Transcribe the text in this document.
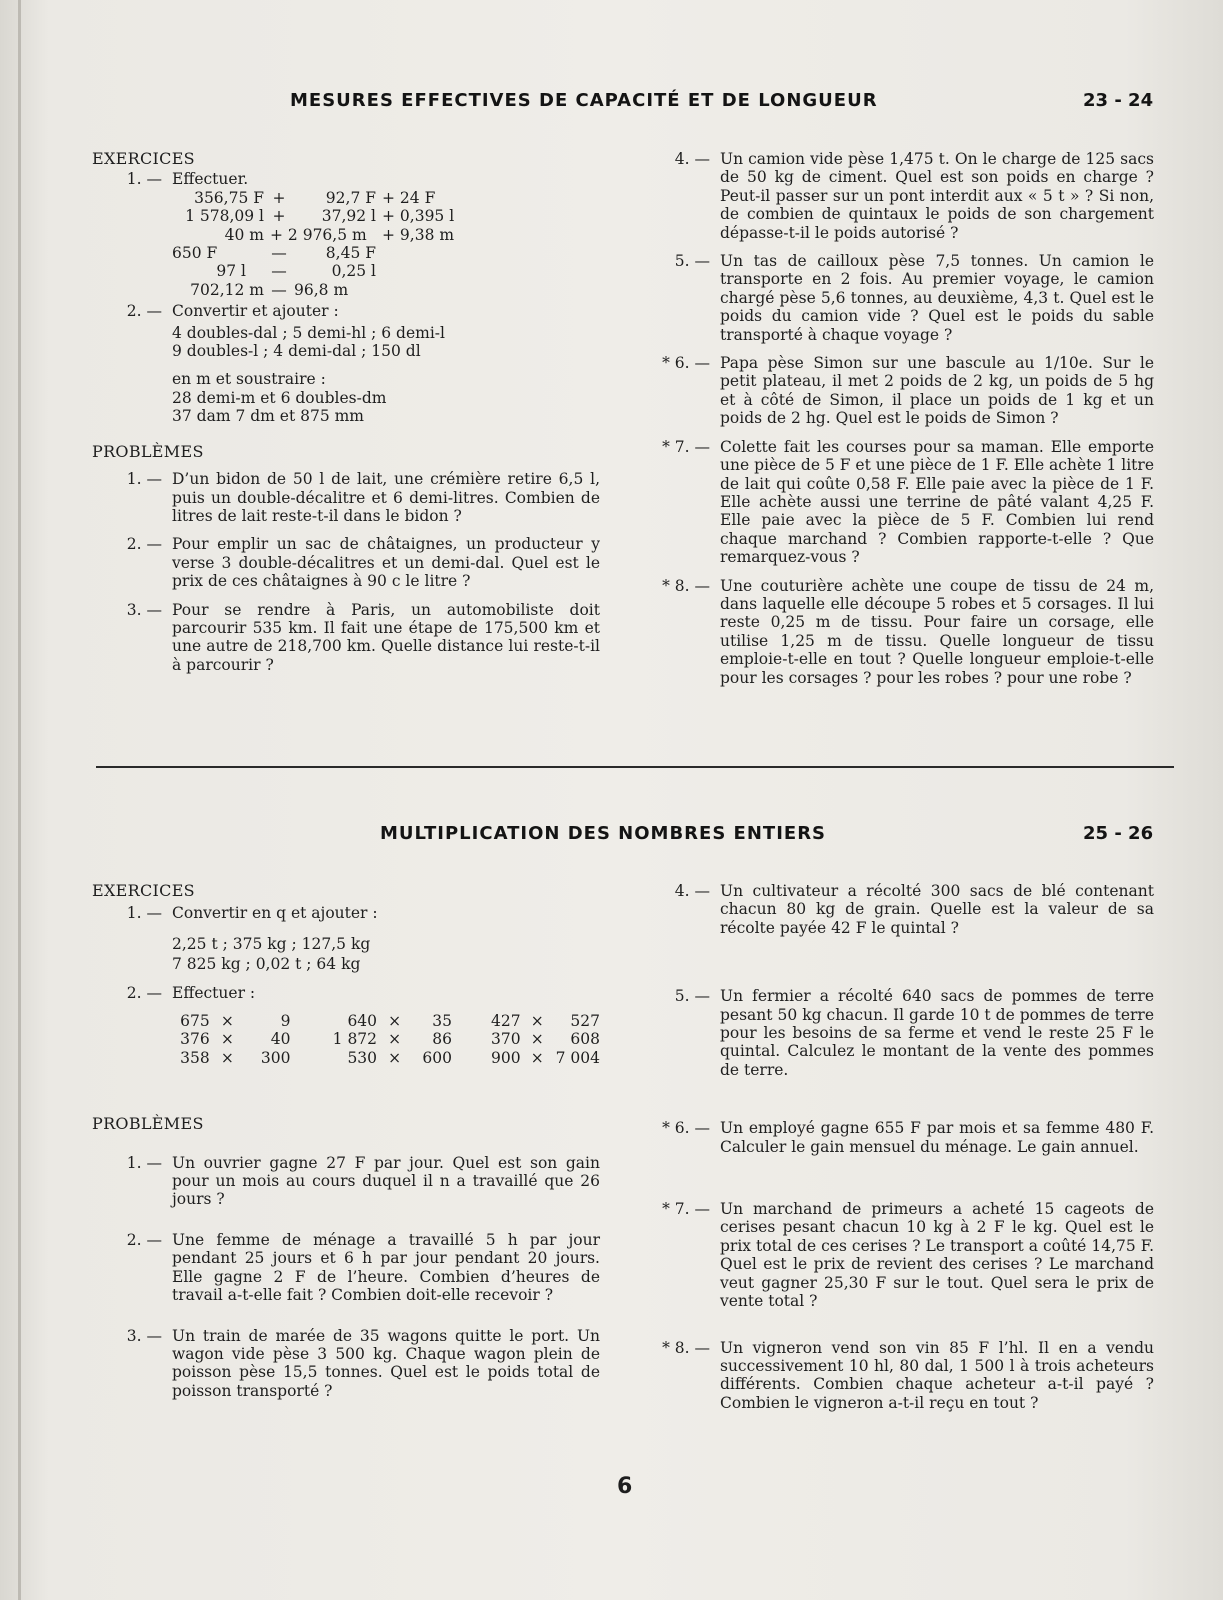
MESURES EFFECTIVES DE CAPACITÉ ET DE LONGUEUR	23 - 24
EXERCICES
1. — Effectuer.
356,75 F	+	92,7 F	+ 24 F
1 578,09 l	+	37,92 l	+ 0,395 l
40 m	+ 2 976,5 m		+ 9,38 m
650 F	—	8,45 F	
97 l	—	0,25 l	
702,12 m	—	96,8 m	
2. — Convertir et ajouter :
4 doubles-dal ; 5 demi-hl ; 6 demi-l
9 doubles-l ; 4 demi-dal ; 150 dl
en m et soustraire :
28 demi-m et 6 doubles-dm
37 dam 7 dm et 875 mm
PROBLÈMES
1. — D’un bidon de 50 l de lait, une crémière retire 6,5 l, puis un double-décalitre et 6 demi-litres. Combien de litres de lait reste-t-il dans le bidon ?
2. — Pour emplir un sac de châtaignes, un producteur y verse 3 double-décalitres et un demi-dal. Quel est le prix de ces châtaignes à 90 c le litre ?
3. — Pour se rendre à Paris, un automobiliste doit parcourir 535 km. Il fait une étape de 175,500 km et une autre de 218,700 km. Quelle distance lui reste-t-il à parcourir ?
4. — Un camion vide pèse 1,475 t. On le charge de 125 sacs de 50 kg de ciment. Quel est son poids en charge ? Peut-il passer sur un pont interdit aux « 5 t » ? Si non, de combien de quintaux le poids de son chargement dépasse-t-il le poids autorisé ?
5. — Un tas de cailloux pèse 7,5 tonnes. Un camion le transporte en 2 fois. Au premier voyage, le camion chargé pèse 5,6 tonnes, au deuxième, 4,3 t. Quel est le poids du camion vide ? Quel est le poids du sable transporté à chaque voyage ?
* 6. — Papa pèse Simon sur une bascule au 1/10e. Sur le petit plateau, il met 2 poids de 2 kg, un poids de 5 hg et à côté de Simon, il place un poids de 1 kg et un poids de 2 hg. Quel est le poids de Simon ?
* 7. — Colette fait les courses pour sa maman. Elle emporte une pièce de 5 F et une pièce de 1 F. Elle achète 1 litre de lait qui coûte 0,58 F. Elle paie avec la pièce de 1 F. Elle achète aussi une terrine de pâté valant 4,25 F. Elle paie avec la pièce de 5 F. Combien lui rend chaque marchand ? Combien rapporte-t-elle ? Que remarquez-vous ?
* 8. — Une couturière achète une coupe de tissu de 24 m, dans laquelle elle découpe 5 robes et 5 corsages. Il lui reste 0,25 m de tissu. Pour faire un corsage, elle utilise 1,25 m de tissu. Quelle longueur de tissu emploie-t-elle en tout ? Quelle longueur emploie-t-elle pour les corsages ? pour les robes ? pour une robe ?
MULTIPLICATION DES NOMBRES ENTIERS	25 - 26
EXERCICES
1. — Convertir en q et ajouter :
2,25 t ; 375 kg ; 127,5 kg
7 825 kg ; 0,02 t ; 64 kg
2. — Effectuer :
675	×	9	640	×	35	427	×	527
376	×	40	1 872	×	86	370	×	608
358	×	300	530	×	600	900	×	7 004
PROBLÈMES
1. — Un ouvrier gagne 27 F par jour. Quel est son gain pour un mois au cours duquel il n a travaillé que 26 jours ?
2. — Une femme de ménage a travaillé 5 h par jour pendant 25 jours et 6 h par jour pendant 20 jours. Elle gagne 2 F de l’heure. Combien d’heures de travail a-t-elle fait ? Combien doit-elle recevoir ?
3. — Un train de marée de 35 wagons quitte le port. Un wagon vide pèse 3 500 kg. Chaque wagon plein de poisson pèse 15,5 tonnes. Quel est le poids total de poisson transporté ?
4. — Un cultivateur a récolté 300 sacs de blé contenant chacun 80 kg de grain. Quelle est la valeur de sa récolte payée 42 F le quintal ?
5. — Un fermier a récolté 640 sacs de pommes de terre pesant 50 kg chacun. Il garde 10 t de pommes de terre pour les besoins de sa ferme et vend le reste 25 F le quintal. Calculez le montant de la vente des pommes de terre.
* 6. — Un employé gagne 655 F par mois et sa femme 480 F. Calculer le gain mensuel du ménage. Le gain annuel.
* 7. — Un marchand de primeurs a acheté 15 cageots de cerises pesant chacun 10 kg à 2 F le kg. Quel est le prix total de ces cerises ? Le transport a coûté 14,75 F. Quel est le prix de revient des cerises ? Le marchand veut gagner 25,30 F sur le tout. Quel sera le prix de vente total ?
* 8. — Un vigneron vend son vin 85 F l’hl. Il en a vendu successivement 10 hl, 80 dal, 1 500 l à trois acheteurs différents. Combien chaque acheteur a-t-il payé ? Combien le vigneron a-t-il reçu en tout ?
6
